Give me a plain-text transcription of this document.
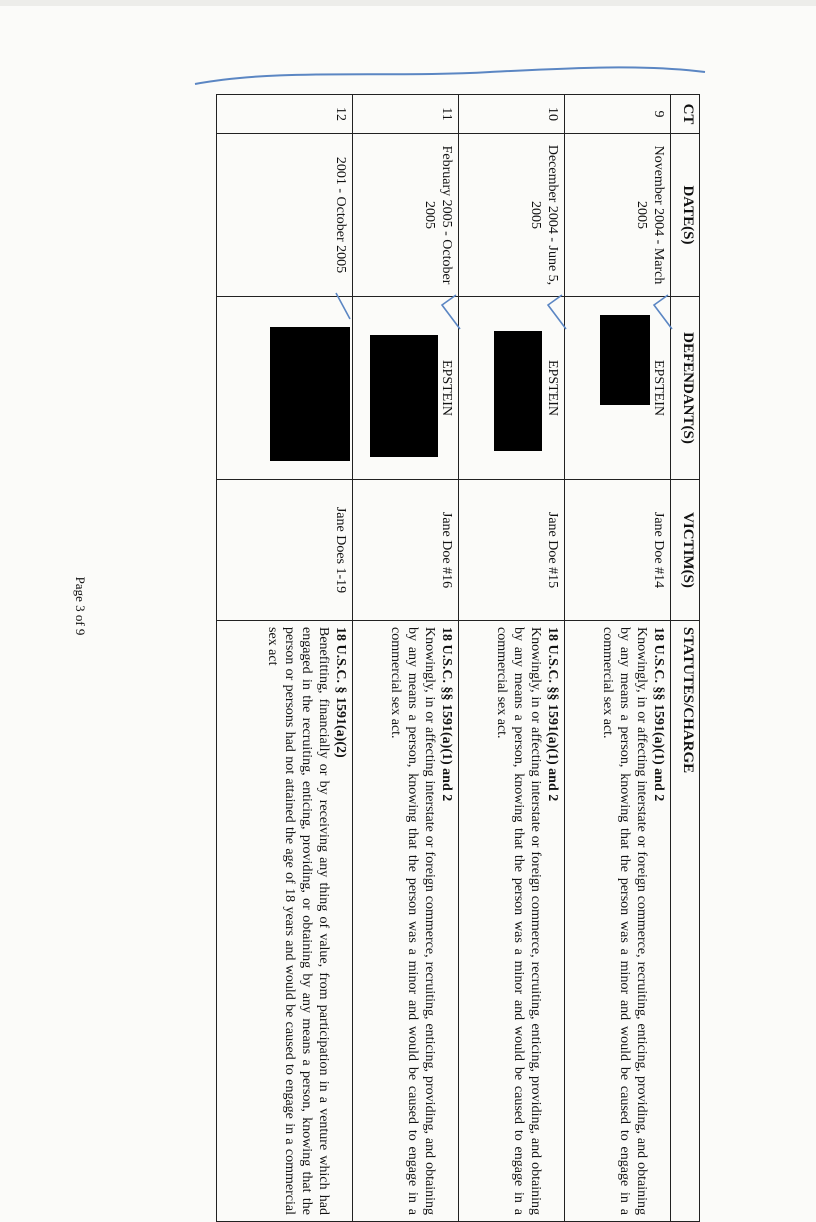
CT	DATE(S)	DEFENDANT(S)	VICTIM(S)	STATUTES/CHARGE
9	November 2004 - March 2005	EPSTEIN	Jane Doe #14	18 U.S.C. §§ 1591(a)(1) and 2
Knowingly, in or affecting interstate or foreign commerce, recruiting, enticing, providing, and obtaining by any means a person, knowing that the person was a minor and would be caused to engage in a commercial sex act.
10	December 2004 - June 5, 2005	EPSTEIN	Jane Doe #15	18 U.S.C. §§ 1591(a)(1) and 2
Knowingly, in or affecting interstate or foreign commerce, recruiting, enticing, providing, and obtaining by any means a person, knowing that the person was a minor and would be caused to engage in a commercial sex act.
11	February 2005 - October 2005	EPSTEIN	Jane Doe #16	18 U.S.C. §§ 1591(a)(1) and 2
Knowingly, in or affecting interstate or foreign commerce, recruiting, enticing, providing, and obtaining by any means a person, knowing that the person was a minor and would be caused to engage in a commercial sex act.
12	2001 - October 2005		Jane Does 1-19	18 U.S.C. § 1591(a)(2)
Benefitting, financially or by receiving any thing of value, from participation in a venture which had engaged in the recruiting, enticing, providing, or obtaining by any means a person, knowing that the person or persons had not attained the age of 18 years and would be caused to engage in a commercial sex act
Page 3 of 9
